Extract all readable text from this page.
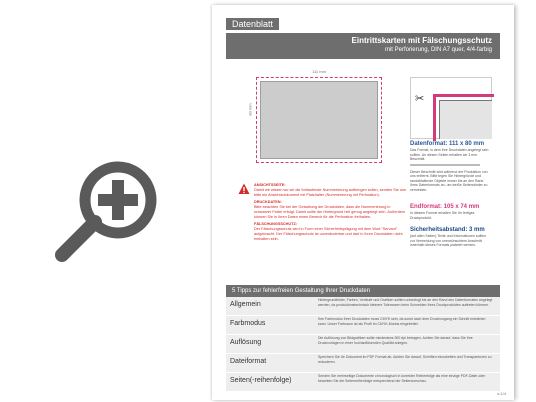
Datenblatt
Eintrittskarten mit Fälschungsschutz
mit Perforierung, DIN A7 quer, 4/4-farbig
111 mm
80 mm
✂
Datenformat: 111 x 80 mm
Das Format, in dem Ihre Druckdaten angelegt sein sollten. An diesen Seiten erhalten wir 3 mm Beschnitt.
Dieser Beschnitt wird während der Produktion von uns entfernt. Bitte legen Sie Hintergründe und randabfallende Objekte immer bis an den Rand Ihres Datenformats an, um weiße Seitenränder zu vermeiden.
Endformat: 105 x 74 mm
In diesem Format erhalten Sie Ihr fertiges Druckprodukt.
Sicherheitsabstand: 3 mm
(auf allen Seiten) Texte und Informationen sollten zur Vermeidung von unerwünschtem Anschnitt innerhalb dieses Formats platziert werden.
ANSICHTSSEITE:
Damit wir wissen wo wir die fortlaufende Nummerierung aufbringen sollen, senden Sie uns bitte ein Ansichtsdokument mit Platzhalter (Nummerierung mit Perforation).
DRUCKDATEN:
Bitte beachten Sie bei der Gestaltung der Druckdaten, dass die Nummerierung in schwarzer Farbe erfolgt. Damit sollte der Hintergrund hell genug angelegt sein. Außerdem können Sie in Ihren Daten einen Bereich für die Perforation freihalten.
FÄLSCHUNGSSCHUTZ:
Der Fälschungsschutz wird in Form einer Sicherheitsprägung mit dem Wort "Servant" aufgebracht. Der Fälschungsschutz ist unveränderbar und darf in Ihren Druckdaten nicht enthalten sein.
5 Tipps zur fehlerfreien Gestaltung Ihrer Druckdaten
Allgemein
Hintergrundbilder, Farben, Verläufe und Grafiken sollten unbedingt bis an den Rand des Datenformates angelegt werden, da produktionstechnisch kleinere Toleranzen beim Schneiden Ihres Druckproduktes auftreten können.
Farbmodus
Ihre Farbmodus Ihrer Druckdaten muss CMYK sein, da sonst nach dem Druckvorgang ein Schnitt entstehen kann. Unser Farbraum ist als Profil im CMYK-Modus eingebettet.
Auflösung
Die Auflösung von Bildgrafiken sollte mindestens 300 dpi betragen. Achten Sie darauf, dass Sie Ihre Druckvorlagen in einer hochauflösenden Qualität anlegen.
Dateiformat
Speichern Sie Ihr Dokument im PDF Format ab. Achten Sie darauf, Schriften einzubetten und Transparenzen zu reduzieren.
Seiten(-reihenfolge)
Senden Sie mehrseitige Dokumente chronologisch in korrekter Reihenfolge als eine einzige PDF-Datei oder beachten Sie die Seitenreihenfolge entsprechend der Seitenvorschau.
s.1/4
